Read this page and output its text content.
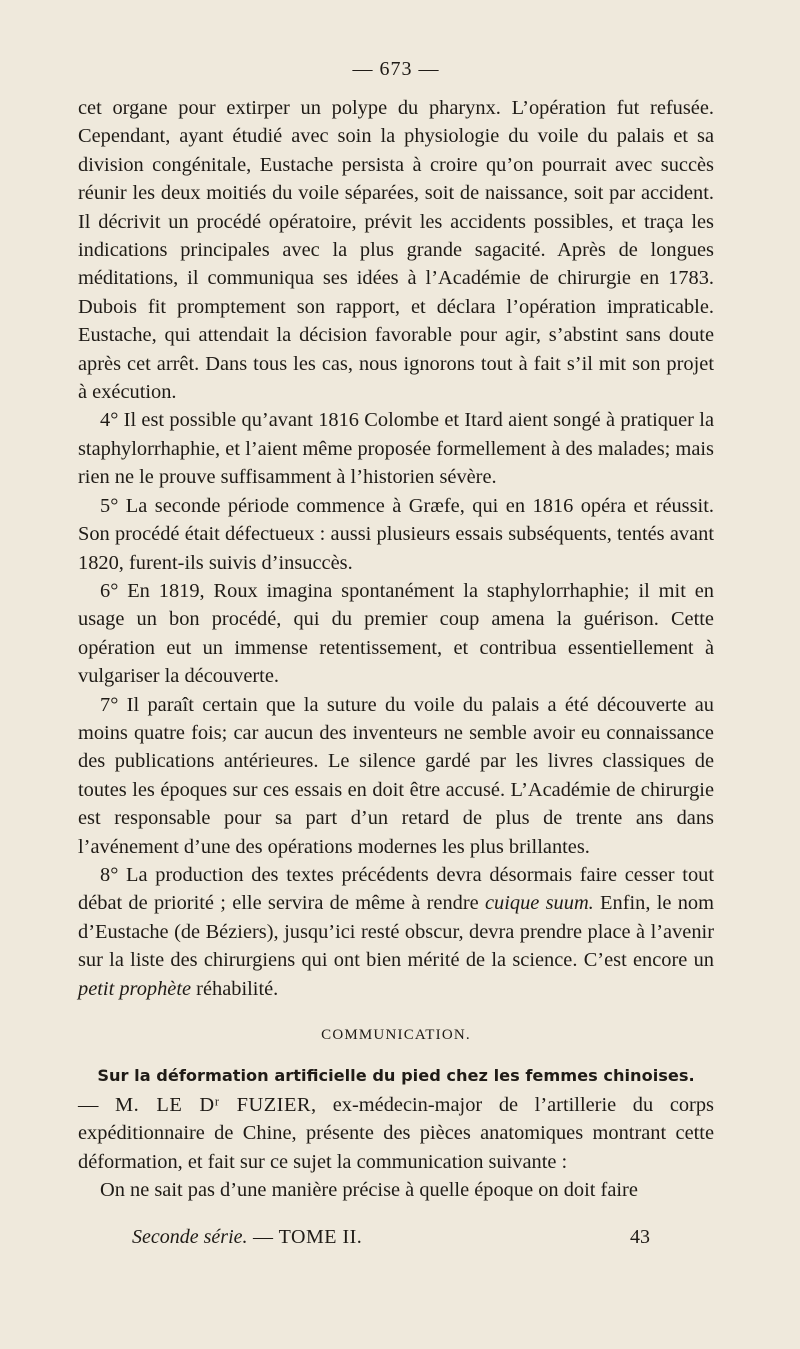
— 673 —

cet organe pour extirper un polype du pharynx. L’opération fut refusée. Cependant, ayant étudié avec soin la physiologie du voile du palais et sa division congénitale, Eustache persista à croire qu’on pourrait avec succès réunir les deux moitiés du voile séparées, soit de naissance, soit par accident. Il décrivit un procédé opératoire, prévit les accidents possibles, et traça les indications principales avec la plus grande sagacité. Après de longues méditations, il communiqua ses idées à l’Académie de chirurgie en 1783. Dubois fit promptement son rapport, et déclara l’opération impraticable. Eustache, qui attendait la décision favorable pour agir, s’abstint sans doute après cet arrêt. Dans tous les cas, nous ignorons tout à fait s’il mit son projet à exécution.

4° Il est possible qu’avant 1816 Colombe et Itard aient songé à pratiquer la staphylorrhaphie, et l’aient même proposée formellement à des malades; mais rien ne le prouve suffisamment à l’historien sévère.

5° La seconde période commence à Græfe, qui en 1816 opéra et réussit. Son procédé était défectueux : aussi plusieurs essais subséquents, tentés avant 1820, furent-ils suivis d’insuccès.

6° En 1819, Roux imagina spontanément la staphylorrhaphie; il mit en usage un bon procédé, qui du premier coup amena la guérison. Cette opération eut un immense retentissement, et contribua essentiellement à vulgariser la découverte.

7° Il paraît certain que la suture du voile du palais a été découverte au moins quatre fois; car aucun des inventeurs ne semble avoir eu connaissance des publications antérieures. Le silence gardé par les livres classiques de toutes les époques sur ces essais en doit être accusé. L’Académie de chirurgie est responsable pour sa part d’un retard de plus de trente ans dans l’avénement d’une des opérations modernes les plus brillantes.

8° La production des textes précédents devra désormais faire cesser tout débat de priorité ; elle servira de même à rendre cuique suum. Enfin, le nom d’Eustache (de Béziers), jusqu’ici resté obscur, devra prendre place à l’avenir sur la liste des chirurgiens qui ont bien mérité de la science. C’est encore un petit prophète réhabilité.

COMMUNICATION.
Sur la déformation artificielle du pied chez les femmes chinoises.

— M. LE Dʳ FUZIER, ex-médecin-major de l’artillerie du corps expéditionnaire de Chine, présente des pièces anatomiques montrant cette déformation, et fait sur ce sujet la communication suivante :

On ne sait pas d’une manière précise à quelle époque on doit faire

Seconde série. — TOME II.	43
